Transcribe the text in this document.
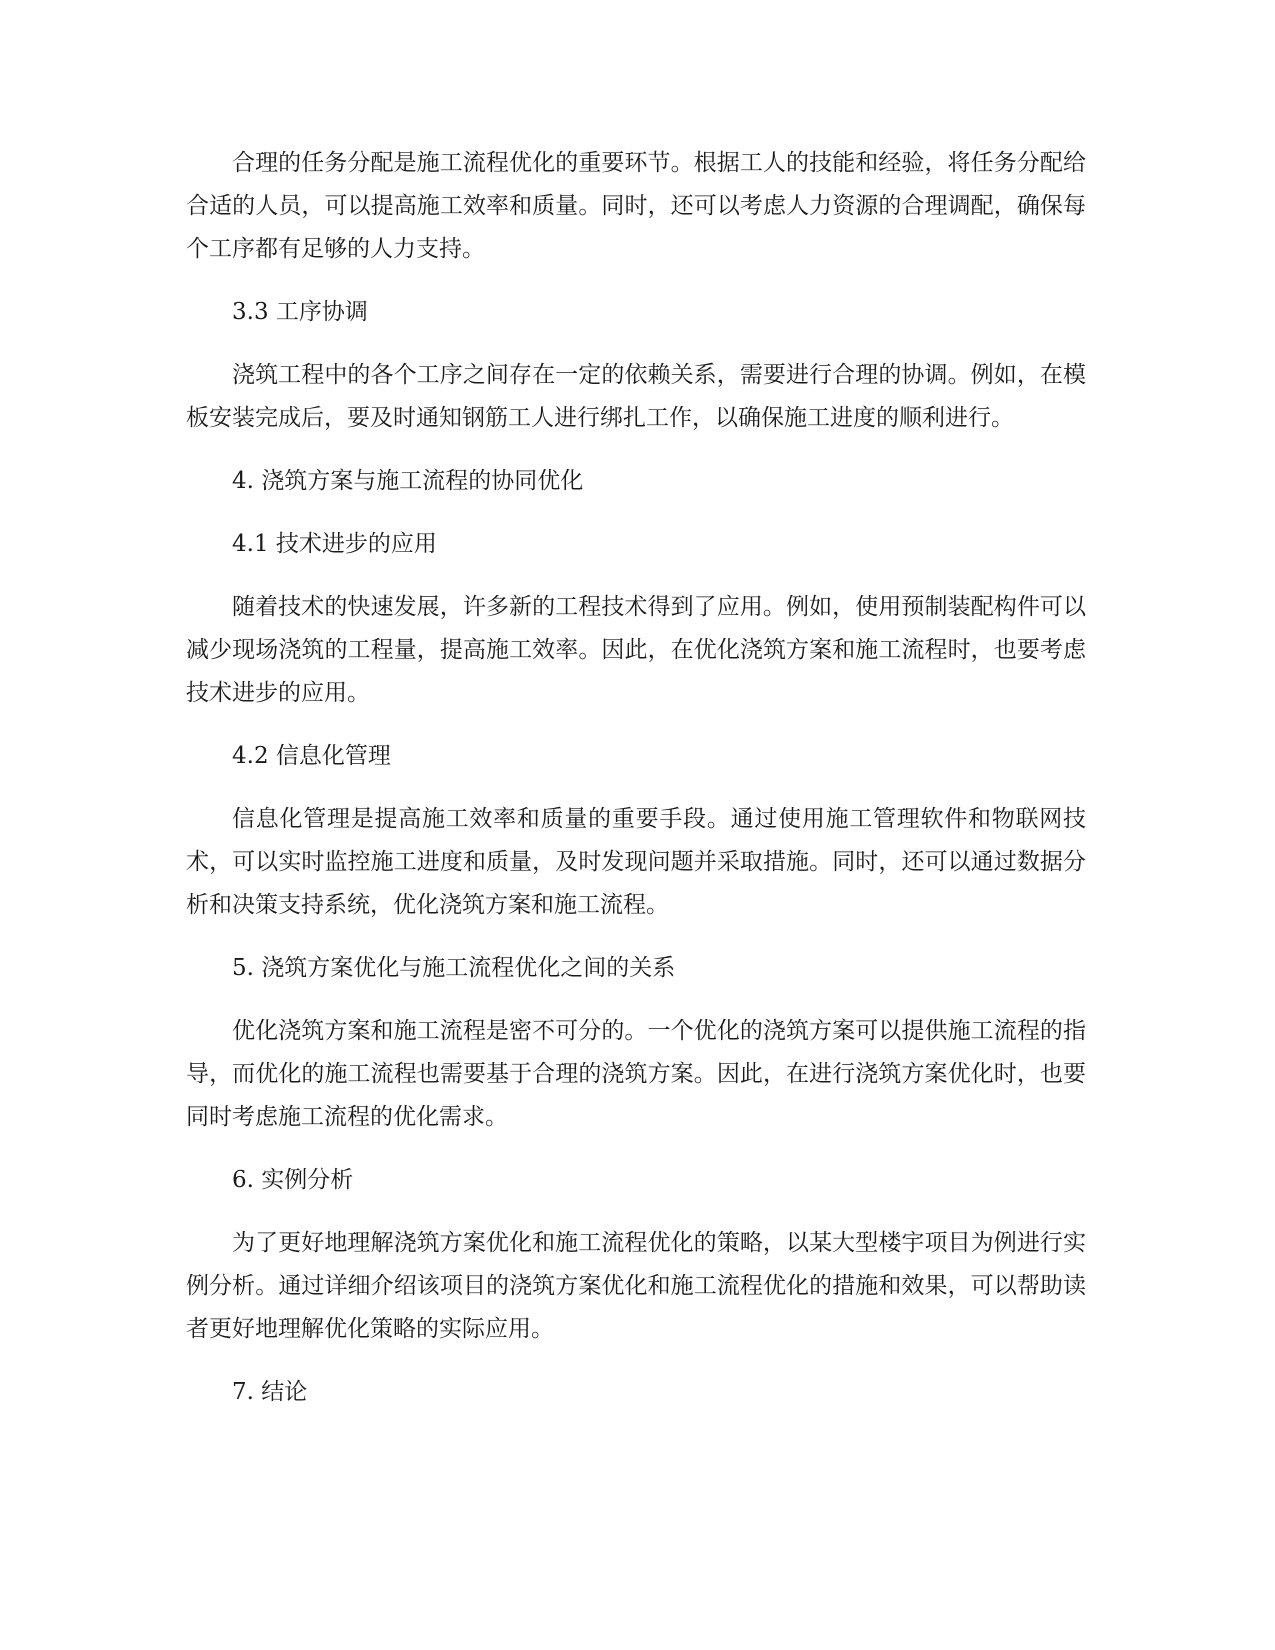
合理的任务分配是施工流程优化的重要环节。根据工人的技能和经验，将任务分配给合适的人员，可以提高施工效率和质量。同时，还可以考虑人力资源的合理调配，确保每个工序都有足够的人力支持。

3.3 工序协调

浇筑工程中的各个工序之间存在一定的依赖关系，需要进行合理的协调。例如，在模板安装完成后，要及时通知钢筋工人进行绑扎工作，以确保施工进度的顺利进行。

4. 浇筑方案与施工流程的协同优化

4.1 技术进步的应用

随着技术的快速发展，许多新的工程技术得到了应用。例如，使用预制装配构件可以减少现场浇筑的工程量，提高施工效率。因此，在优化浇筑方案和施工流程时，也要考虑技术进步的应用。

4.2 信息化管理

信息化管理是提高施工效率和质量的重要手段。通过使用施工管理软件和物联网技术，可以实时监控施工进度和质量，及时发现问题并采取措施。同时，还可以通过数据分析和决策支持系统，优化浇筑方案和施工流程。

5. 浇筑方案优化与施工流程优化之间的关系

优化浇筑方案和施工流程是密不可分的。一个优化的浇筑方案可以提供施工流程的指导，而优化的施工流程也需要基于合理的浇筑方案。因此，在进行浇筑方案优化时，也要同时考虑施工流程的优化需求。

6. 实例分析

为了更好地理解浇筑方案优化和施工流程优化的策略，以某大型楼宇项目为例进行实例分析。通过详细介绍该项目的浇筑方案优化和施工流程优化的措施和效果，可以帮助读者更好地理解优化策略的实际应用。

7. 结论
